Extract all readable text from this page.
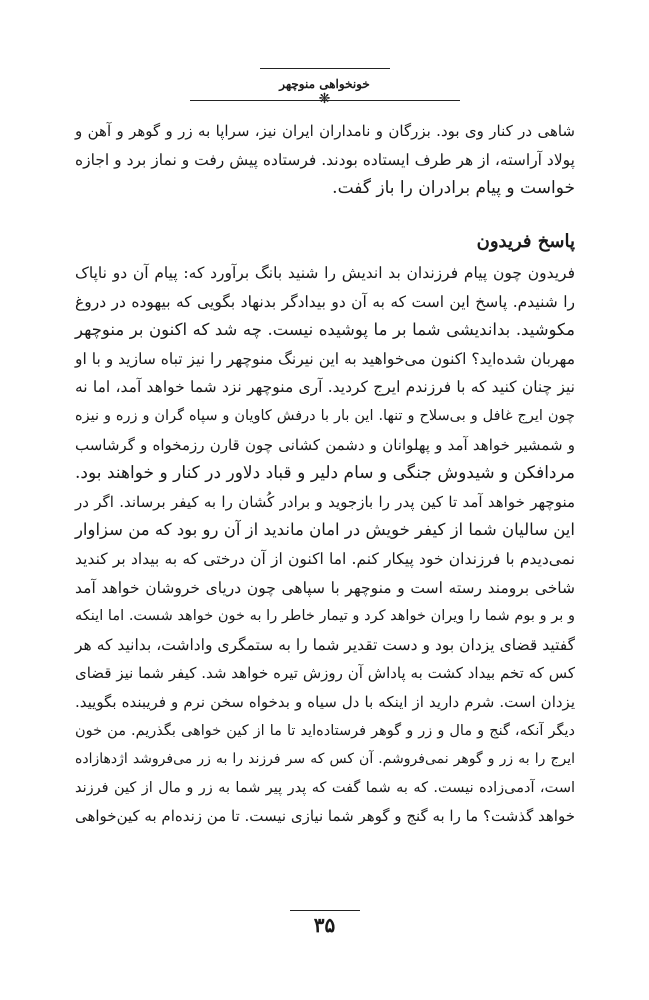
خونخواهی منوچهر
❋
شاهی در کنار وی بود. بزرگان و نامداران ایران نیز، سراپا به زر و گوهر و آهن و
پولاد آراسته، از هر طرف ایستاده بودند. فرستاده پیش رفت و نماز برد و اجازه
خواست و پیام برادران را باز گفت.
پاسخ فریدون
فریدون چون پیام فرزندان بد اندیش را شنید بانگ برآورد که: پیام آن دو ناپاک
را شنیدم. پاسخ این است که به آن دو بیدادگر بدنهاد بگویی که بیهوده در دروغ
مکوشید. بداندیشی شما بر ما پوشیده نیست. چه شد که اکنون بر منوچهر
مهربان شده‌اید؟ اکنون می‌خواهید به این نیرنگ منوچهر را نیز تباه سازید و با او
نیز چنان کنید که با فرزندم ایرج کردید. آری منوچهر نزد شما خواهد آمد، اما نه
چون ایرج غافل و بی‌سلاح و تنها. این بار با درفش کاویان و سپاه گران و زره و نیزه
و شمشیر خواهد آمد و پهلوانان و دشمن کشانی چون قارن رزمخواه و گرشاسب
مردافکن و شیدوش جنگی و سام دلیر و قباد دلاور در کنار و خواهند بود.
منوچهر خواهد آمد تا کین پدر را بازجوید و برادر کُشان را به کیفر برساند. اگر در
این سالیان شما از کیفر خویش در امان ماندید از آن رو بود که من سزاوار
نمی‌دیدم با فرزندان خود پیکار کنم. اما اکنون از آن درختی که به بیداد بر کندید
شاخی برومند رسته است و منوچهر با سپاهی چون دریای خروشان خواهد آمد
و بر و بوم شما را ویران خواهد کرد و تیمار خاطر را به خون خواهد شست. اما اینکه
گفتید قضای یزدان بود و دست تقدیر شما را به ستمگری واداشت، بدانید که هر
کس که تخم بیداد کشت به پاداش آن روزش تیره خواهد شد. کیفر شما نیز قضای
یزدان است. شرم دارید از اینکه با دل سیاه و بدخواه سخن نرم و فریبنده بگویید.
دیگر آنکه، گنج و مال و زر و گوهر فرستاده‌اید تا ما از کین خواهی بگذریم. من خون
ایرج را به زر و گوهر نمی‌فروشم. آن کس که سر فرزند را به زر می‌فروشد اژدهازاده
است، آدمی‌زاده نیست. که به شما گفت که پدر پیر شما به زر و مال از کین فرزند
خواهد گذشت؟ ما را به گنج و گوهر شما نیازی نیست. تا من زنده‌ام به کین‌خواهی
۳۵
